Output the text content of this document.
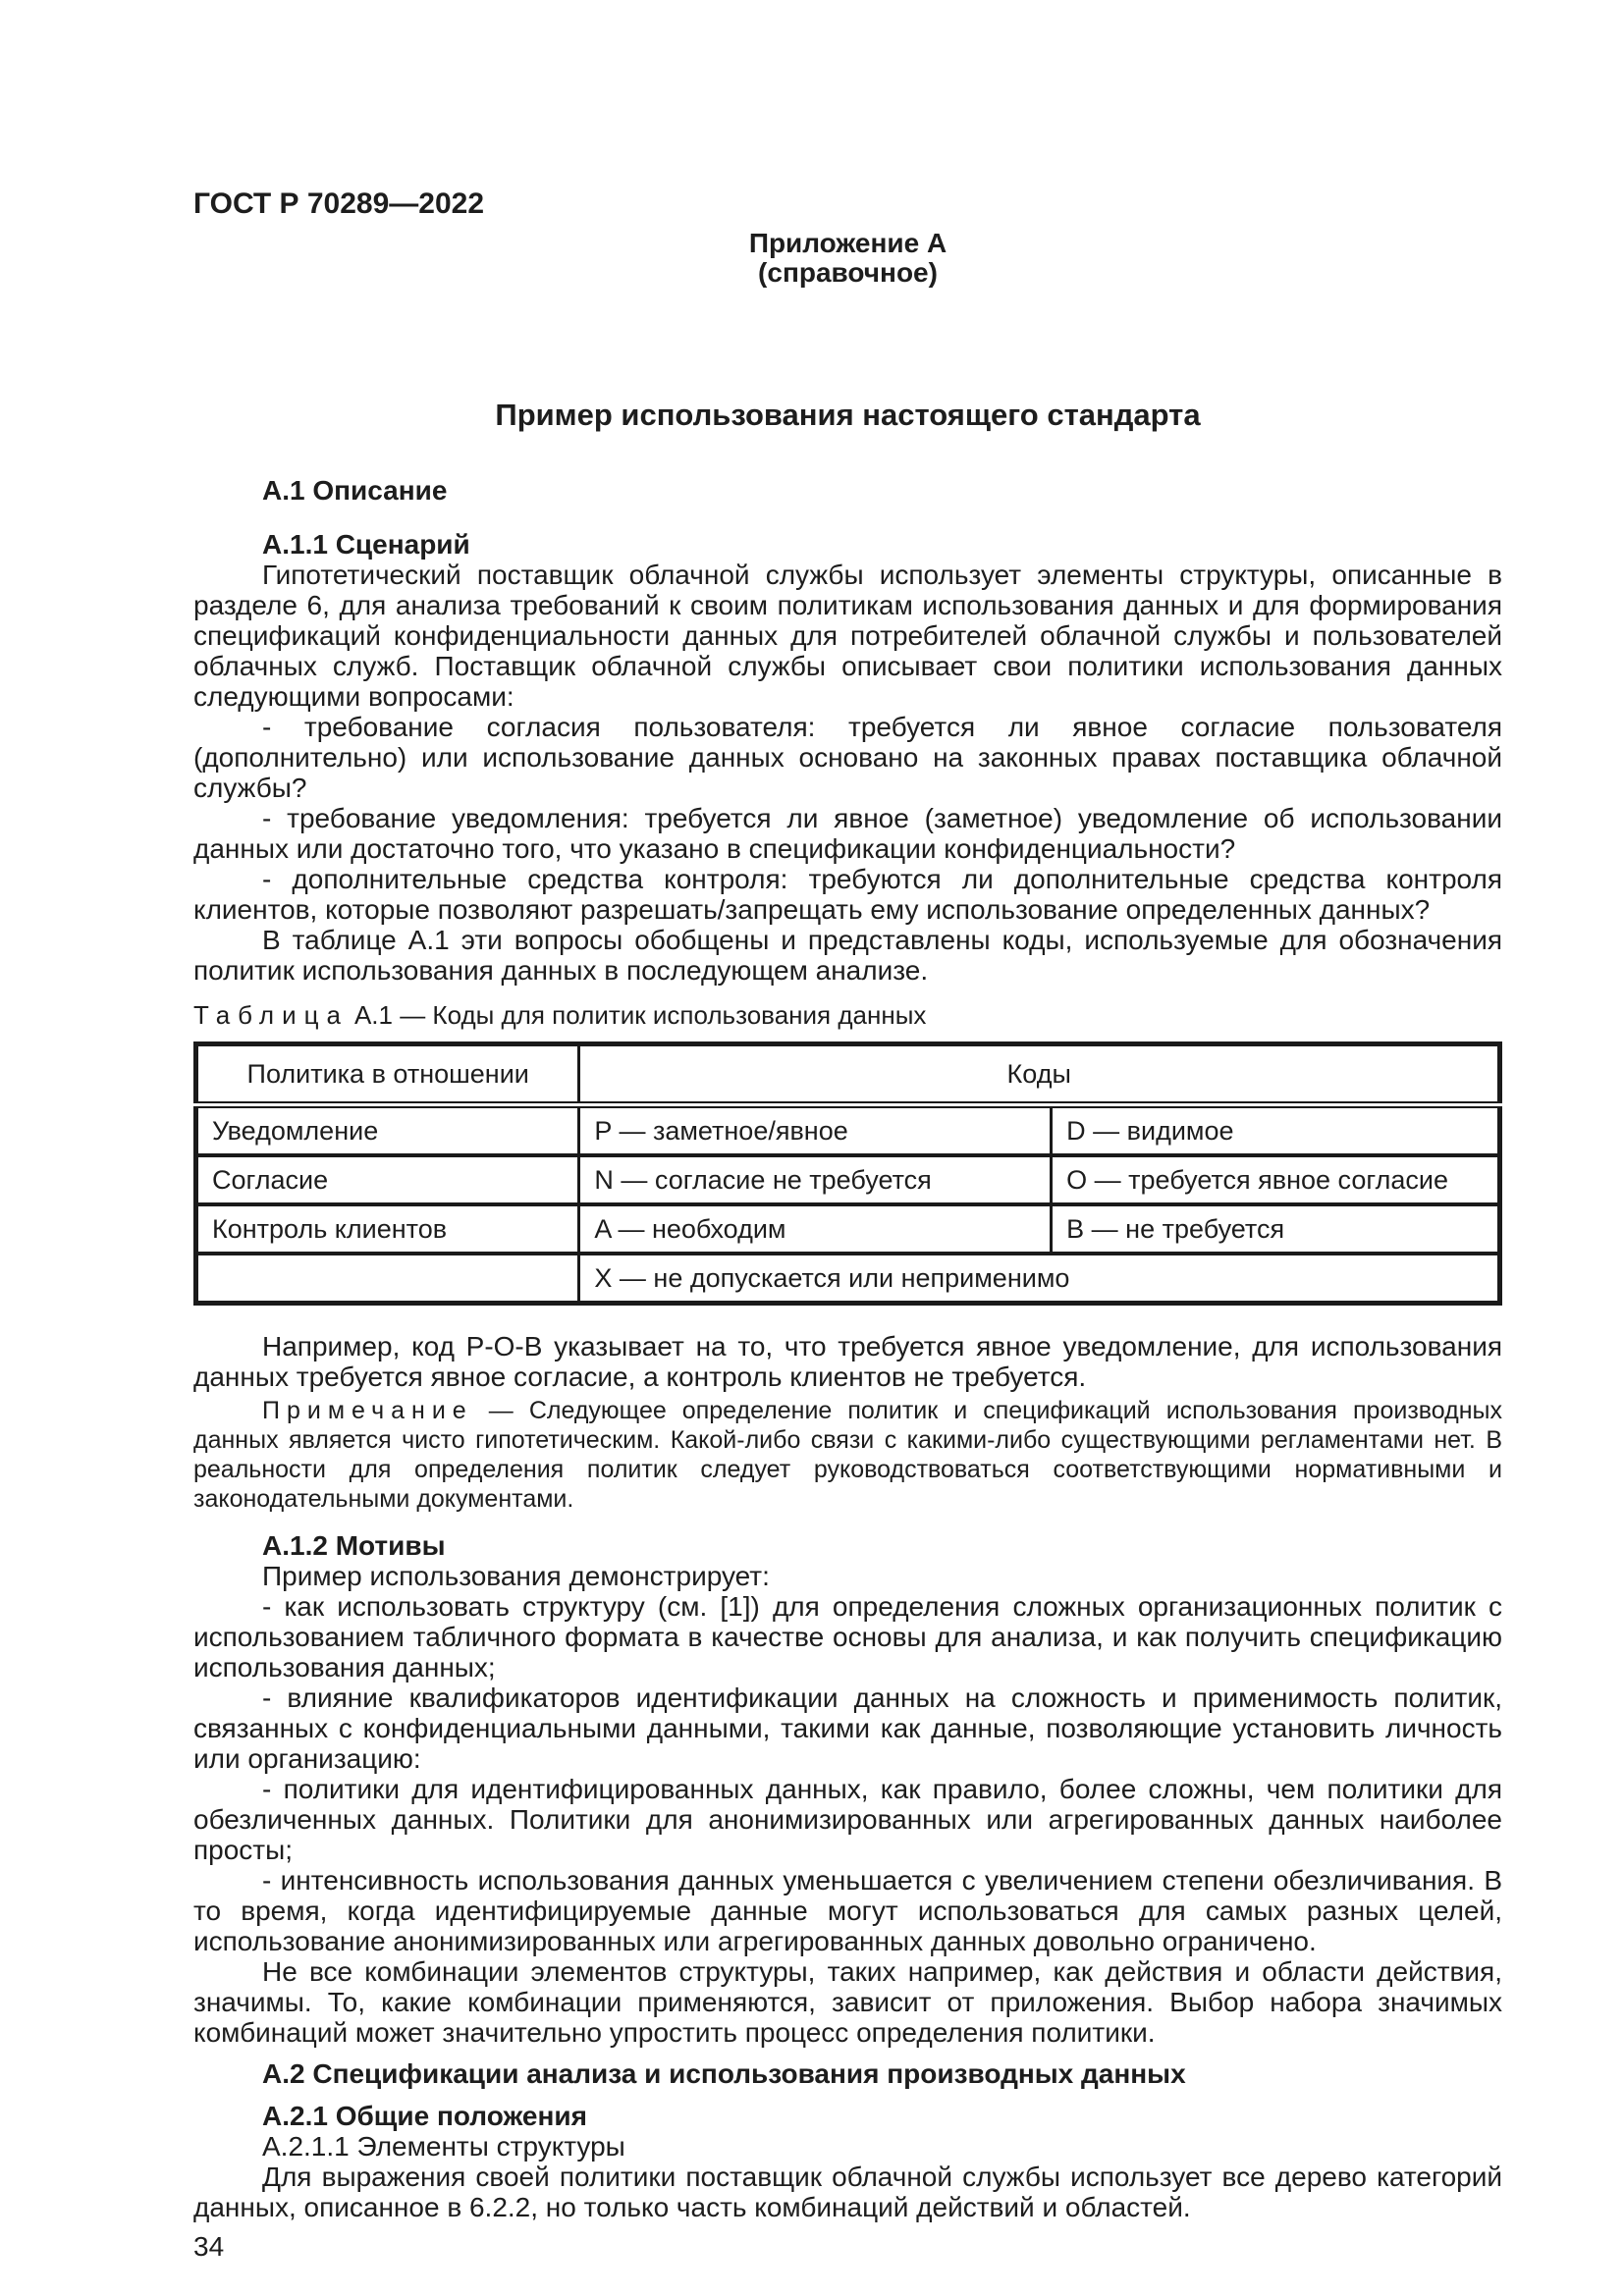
ГОСТ Р 70289—2022

Приложение А

(справочное)

Пример использования настоящего стандарта

А.1 Описание

А.1.1 Сценарий

Гипотетический поставщик облачной службы использует элементы структуры, описанные в разделе 6, для анализа требований к своим политикам использования данных и для формирования спецификаций конфиденциальности данных для потребителей облачной службы и пользователей облачных служб. Поставщик облачной службы описывает свои политики использования данных следующими вопросами:

- требование согласия пользователя: требуется ли явное согласие пользователя (дополнительно) или использование данных основано на законных правах поставщика облачной службы?

- требование уведомления: требуется ли явное (заметное) уведомление об использовании данных или достаточно того, что указано в спецификации конфиденциальности?

- дополнительные средства контроля: требуются ли дополнительные средства контроля клиентов, которые позволяют разрешать/запрещать ему использование определенных данных?

В таблице А.1 эти вопросы обобщены и представлены коды, используемые для обозначения политик использования данных в последующем анализе.

Таблица А.1 — Коды для политик использования данных

Политика в отношении	Коды	
Уведомление	P — заметное/явное	D — видимое
Согласие	N — согласие не требуется	O — требуется явное согласие
Контроль клиентов	A — необходим	B — не требуется
	X — не допускается или неприменимо	

Например, код P-O-B указывает на то, что требуется явное уведомление, для использования данных требуется явное согласие, а контроль клиентов не требуется.

Примечание — Следующее определение политик и спецификаций использования производных данных является чисто гипотетическим. Какой-либо связи с какими-либо существующими регламентами нет. В реальности для определения политик следует руководствоваться соответствующими нормативными и законодательными документами.

А.1.2 Мотивы

Пример использования демонстрирует:

- как использовать структуру (см. [1]) для определения сложных организационных политик с использованием табличного формата в качестве основы для анализа, и как получить спецификацию использования данных;

- влияние квалификаторов идентификации данных на сложность и применимость политик, связанных с конфиденциальными данными, такими как данные, позволяющие установить личность или организацию:

- политики для идентифицированных данных, как правило, более сложны, чем политики для обезличенных данных. Политики для анонимизированных или агрегированных данных наиболее просты;

- интенсивность использования данных уменьшается с увеличением степени обезличивания. В то время, когда идентифицируемые данные могут использоваться для самых разных целей, использование анонимизированных или агрегированных данных довольно ограничено.

Не все комбинации элементов структуры, таких например, как действия и области действия, значимы. То, какие комбинации применяются, зависит от приложения. Выбор набора значимых комбинаций может значительно упростить процесс определения политики.

А.2 Спецификации анализа и использования производных данных

А.2.1 Общие положения

А.2.1.1 Элементы структуры

Для выражения своей политики поставщик облачной службы использует все дерево категорий данных, описанное в 6.2.2, но только часть комбинаций действий и областей.

34
